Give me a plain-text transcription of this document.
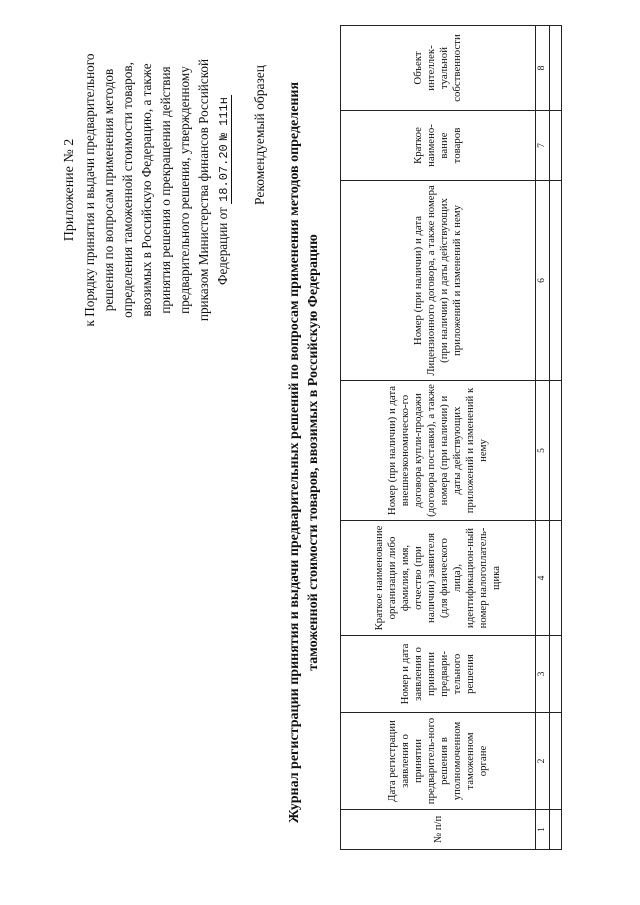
Приложение № 2 к Порядку принятия и выдачи предварительного решения по вопросам применения методов определения таможенной стоимости товаров, ввозимых в Российскую Федерацию, а также принятия решения о прекращении действия предварительного решения, утвержденному приказом Министерства финансов Российской Федерации от 18.07.20№ 111н Рекомендуемый образец Журнал регистрации принятия и выдачи предварительных решений по вопросам применения методов определения таможенной стоимости товаров, ввозимых в Российскую Федерацию
№ п/п	Дата регистрации заявления о принятии предваритель-ного решения в уполномоченном таможенном органе	Номер и дата заявления о принятии предвари-тельного решения	Краткое наименование организации либо фамилия, имя, отчество (при наличии) заявителя (для физического лица), идентификацион-ный номер налогоплатель-щика	Номер (при наличии) и дата внешнеэкономическо-го договора купли-продажи (договора поставки), а также номера (при наличии) и даты действующих приложений и изменений к нему	Номер (при наличии) и дата Лицензионного договора, а также номера (при наличии) и даты действующих приложений и изменений к нему	Краткое наимено-вание товаров	Объект интеллек-туальной собственности
1	2	3	4	5	6	7	8
